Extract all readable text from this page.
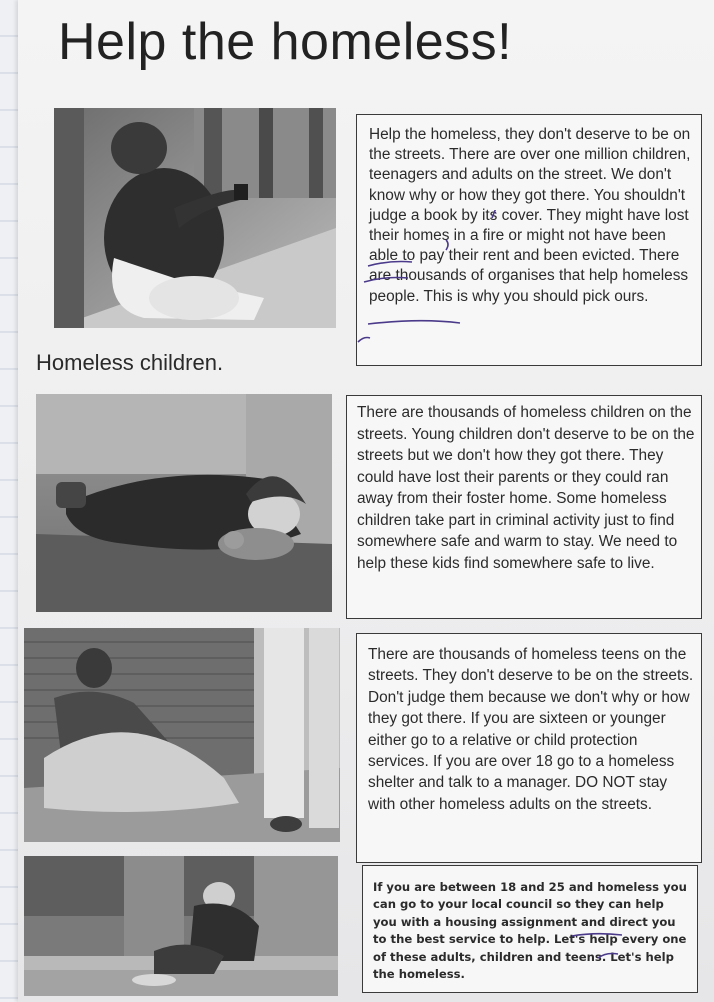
Help the homeless!

Help the homeless, they don't deserve to be on the streets. There are over one million children, teenagers and adults on the street. We don't know why or how they got there. You shouldn't judge a book by its cover. They might have lost their homes in a fire or might not have been able to pay their rent and been evicted. There are thousands of organises that help homeless people. This is why you should pick ours.

Homeless children.

There are thousands of homeless children on the streets. Young children don't deserve to be on the streets but we don't how they got there. They could have lost their parents or they could ran away from their foster home. Some homeless children take part in criminal activity just to find somewhere safe and warm to stay. We need to help these kids find somewhere safe to live.

There are thousands of homeless teens on the streets. They don't deserve to be on the streets. Don't judge them because we don't why or how they got there. If you are sixteen or younger either go to a relative or child protection services. If you are over 18 go to a homeless shelter and talk to a manager. DO NOT stay with other homeless adults on the streets.

If you are between 18 and 25 and homeless you can go to your local council so they can help you with a housing assignment and direct you to the best service to help. Let's help every one of these adults, children and teens. Let's help the homeless.
